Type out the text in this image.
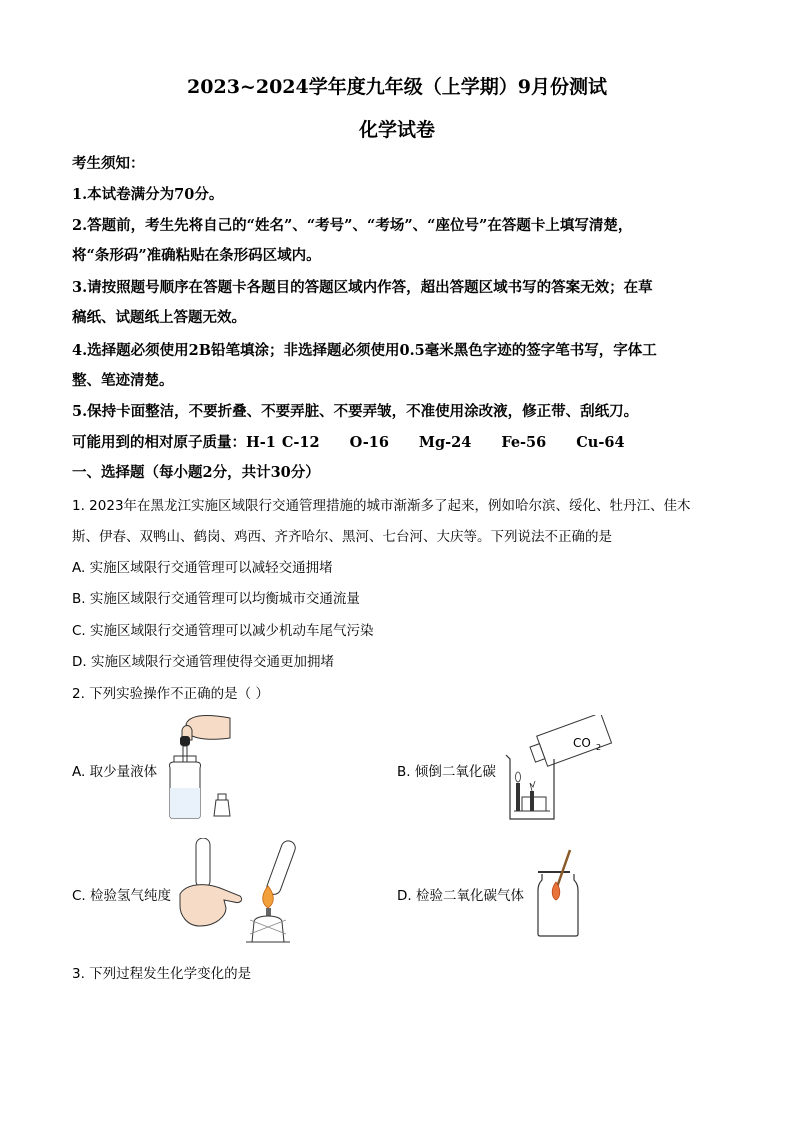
2023~2024学年度九年级（上学期）9月份测试
化学试卷
考生须知：
1.本试卷满分为70分。
2.答题前，考生先将自己的“姓名”、“考号”、“考场”、“座位号”在答题卡上填写清楚，
将“条形码”准确粘贴在条形码区域内。
3.请按照题号顺序在答题卡各题目的答题区域内作答，超出答题区域书写的答案无效；在草
稿纸、试题纸上答题无效。
4.选择题必须使用2B铅笔填涂；非选择题必须使用0.5毫米黑色字迹的签字笔书写，字体工
整、笔迹清楚。
5.保持卡面整洁，不要折叠、不要弄脏、不要弄皱，不准使用涂改液，修正带、刮纸刀。
可能用到的相对原子质量：H-1 C-12 O-16 Mg-24 Fe-56 Cu-64
一、选择题（每小题2分，共计30分）
1. 2023年在黑龙江实施区域限行交通管理措施的城市渐渐多了起来，例如哈尔滨、绥化、牡丹江、佳木
斯、伊春、双鸭山、鹤岗、鸡西、齐齐哈尔、黑河、七台河、大庆等。下列说法不正确的是
A. 实施区域限行交通管理可以减轻交通拥堵
B. 实施区域限行交通管理可以均衡城市交通流量
C. 实施区域限行交通管理可以减少机动车尾气污染
D. 实施区域限行交通管理使得交通更加拥堵
2. 下列实验操作不正确的是（ ）
A. 取少量液体	B. 倾倒二氧化碳
C. 检验氢气纯度	D. 检验二氧化碳气体
CO 2
3. 下列过程发生化学变化的是
